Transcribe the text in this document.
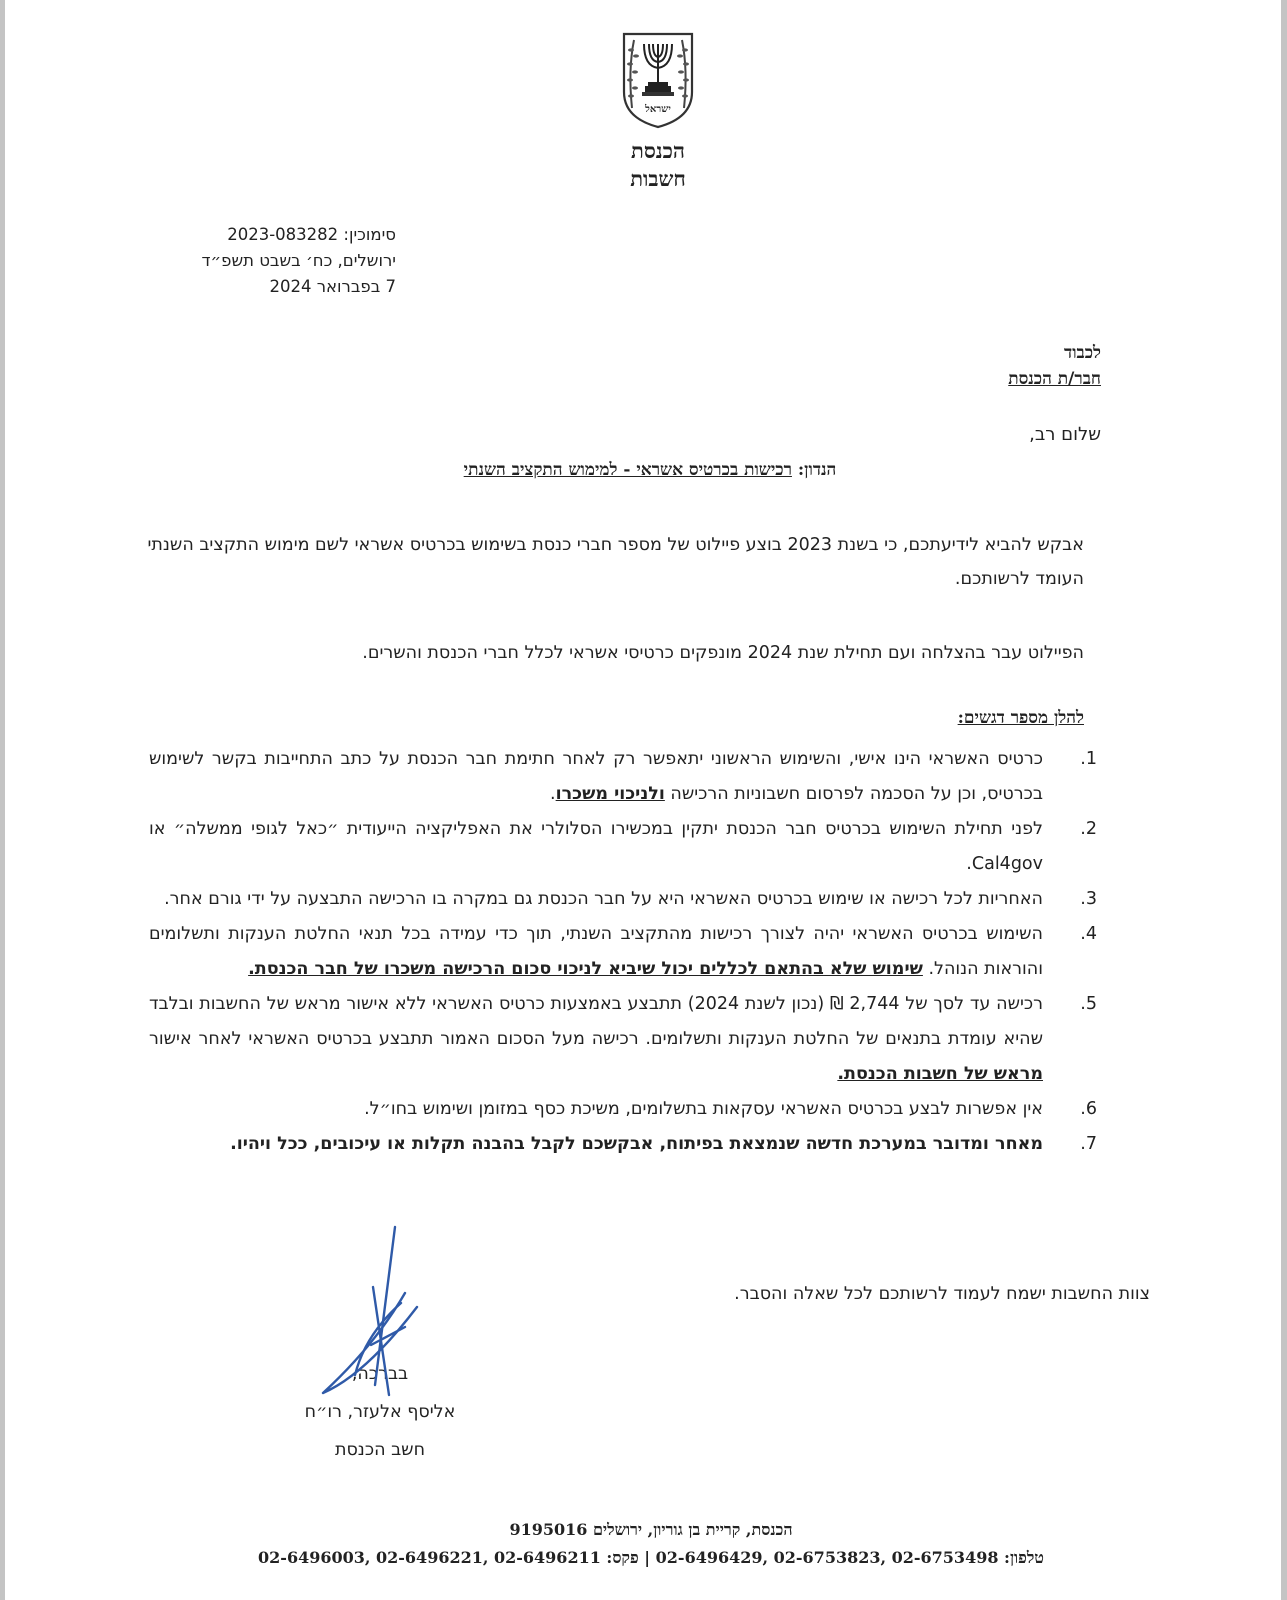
ישראל
הכנסת
חשבות
סימוכין: 2023-083282
ירושלים, כח׳ בשבט תשפ״ד
7 בפברואר 2024
לכבוד
חבר/ת הכנסת
שלום רב,
הנדון: רכישות בכרטיס אשראי - למימוש התקציב השנתי
אבקש להביא לידיעתכם, כי בשנת 2023 בוצע פיילוט של מספר חברי כנסת בשימוש בכרטיס אשראי לשם מימוש התקציב השנתי העומד לרשותכם.
הפיילוט עבר בהצלחה ועם תחילת שנת 2024 מונפקים כרטיסי אשראי לכלל חברי הכנסת והשרים.
להלן מספר דגשים:
1.
כרטיס האשראי הינו אישי, והשימוש הראשוני יתאפשר רק לאחר חתימת חבר הכנסת על כתב התחייבות בקשר לשימוש בכרטיס, וכן על הסכמה לפרסום חשבוניות הרכישה ולניכוי משכרו.
2.
לפני תחילת השימוש בכרטיס חבר הכנסת יתקין במכשירו הסלולרי את האפליקציה הייעודית ״כאל לגופי ממשלה״ או Cal4gov.
3.
האחריות לכל רכישה או שימוש בכרטיס האשראי היא על חבר הכנסת גם במקרה בו הרכישה התבצעה על ידי גורם אחר.
4.
השימוש בכרטיס האשראי יהיה לצורך רכישות מהתקציב השנתי, תוך כדי עמידה בכל תנאי החלטת הענקות ותשלומים והוראות הנוהל. שימוש שלא בהתאם לכללים יכול שיביא לניכוי סכום הרכישה משכרו של חבר הכנסת.
5.
רכישה עד לסך של 2,744 ₪ (נכון לשנת 2024) תתבצע באמצעות כרטיס האשראי ללא אישור מראש של החשבות ובלבד שהיא עומדת בתנאים של החלטת הענקות ותשלומים. רכישה מעל הסכום האמור תתבצע בכרטיס האשראי לאחר אישור מראש של חשבות הכנסת.
6.
אין אפשרות לבצע בכרטיס האשראי עסקאות בתשלומים, משיכת כסף במזומן ושימוש בחו״ל.
7.
מאחר ומדובר במערכת חדשה שנמצאת בפיתוח, אבקשכם לקבל בהבנה תקלות או עיכובים, ככל ויהיו.
צוות החשבות ישמח לעמוד לרשותכם לכל שאלה והסבר.
בברכה,
אליסף אלעזר, רו״ח
חשב הכנסת
הכנסת, קריית בן גוריון, ירושלים 9195016
טלפון: 02-6753498 ,02-6753823 ,02-6496429 | פקס: 02-6496211 ,02-6496221 ,02-6496003
